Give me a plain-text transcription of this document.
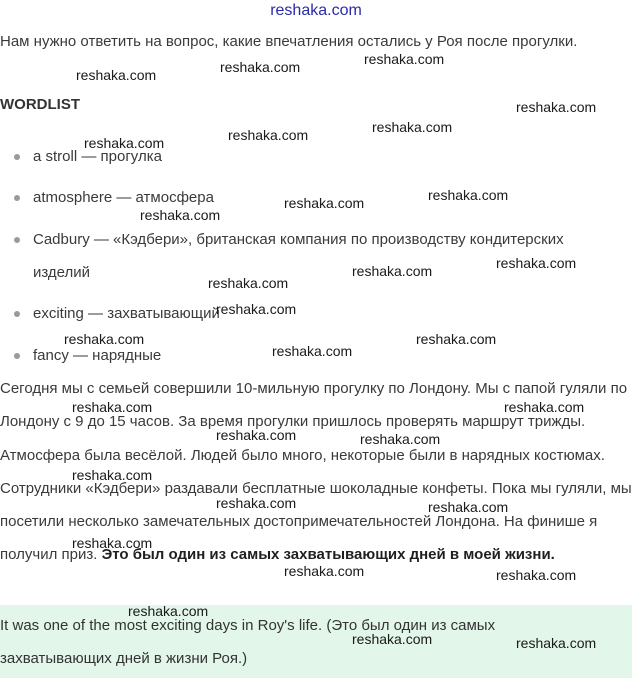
reshaka.com
Нам нужно ответить на вопрос, какие впечатления остались у Роя после прогулки.
WORDLIST
a stroll — прогулка
atmosphere — атмосфера
Cadbury — «Кэдбери», британская компания по производству кондитерских изделий
exciting — захватывающий
fancy — нарядные
Сегодня мы с семьей совершили 10-мильную прогулку по Лондону. Мы с папой гуляли по Лондону с 9 до 15 часов. За время прогулки пришлось проверять маршрут трижды. Атмосфера была весёлой. Людей было много, некоторые были в нарядных костюмах. Сотрудники «Кэдбери» раздавали бесплатные шоколадные конфеты. Пока мы гуляли, мы посетили несколько замечательных достопримечательностей Лондона. На финише я получил приз. Это был один из самых захватывающих дней в моей жизни.
It was one of the most exciting days in Roy's life. (Это был один из самых захватывающих дней в жизни Роя.)
reshaka.com	reshaka.com	reshaka.com
reshaka.com
reshaka.com	reshaka.com	reshaka.com
reshaka.com
reshaka.com
reshaka.com
reshaka.com
reshaka.com
reshaka.com
reshaka.com
reshaka.com	reshaka.com
reshaka.com
reshaka.com	reshaka.com
reshaka.com	reshaka.com
reshaka.com
reshaka.com	reshaka.com
reshaka.com
reshaka.com	reshaka.com
reshaka.com
reshaka.com	reshaka.com
